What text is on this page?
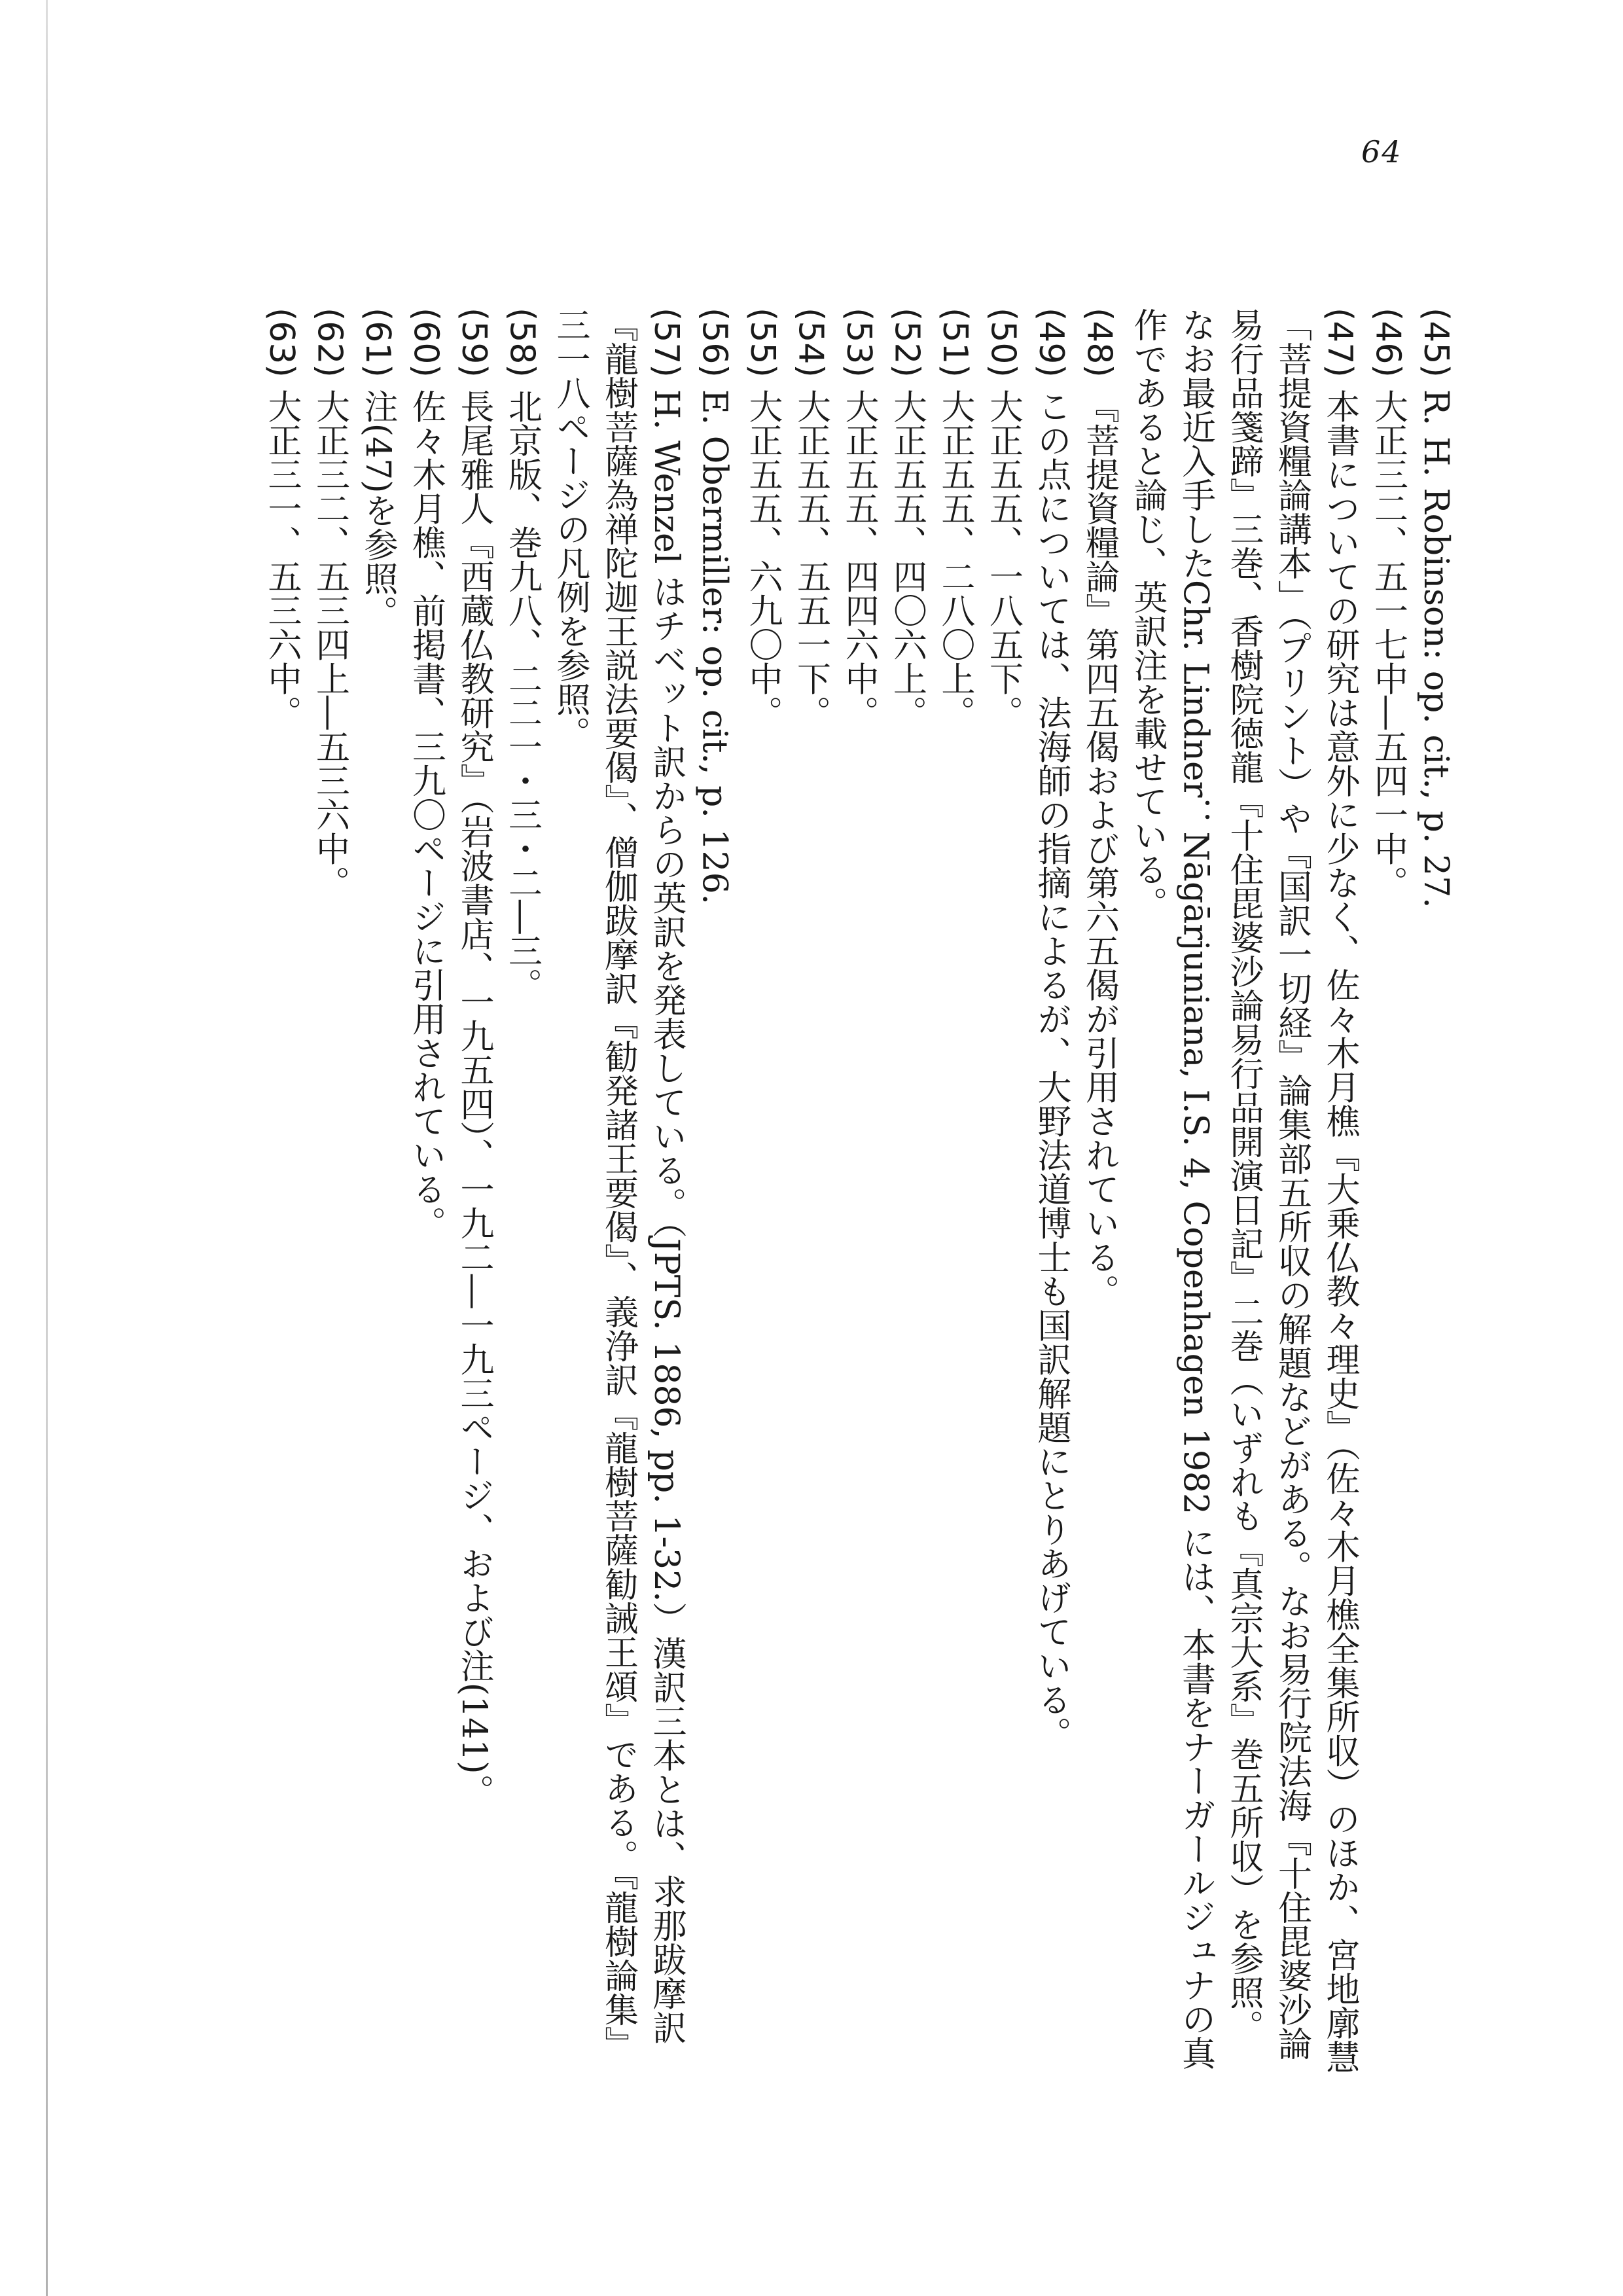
64

(45)R. H. Robinson: op. cit., p. 27.

(46)大正三二、五一七中―五四一中。

(47)本書についての研究は意外に少なく、佐々木月樵『大乗仏教々理史』（佐々木月樵全集所収）のほか、宮地廓慧「菩提資糧論講本」（プリント）や『国訳一切経』論集部五所収の解題などがある。なお易行院法海『十住毘婆沙論易行品箋蹄』三巻、香樹院徳龍『十住毘婆沙論易行品開演日記』二巻（いずれも『真宗大系』巻五所収）を参照。なお最近入手したChr. Lindner：Nāgārjuniana, I.S. 4, Copenhagen 1982 には、本書をナーガールジュナの真作であると論じ、英訳注を載せている。

(48)『菩提資糧論』第四五偈および第六五偈が引用されている。

(49)この点については、法海師の指摘によるが、大野法道博士も国訳解題にとりあげている。

(50)大正五五、一八五下。

(51)大正五五、二八〇上。

(52)大正五五、四〇六上。

(53)大正五五、四四六中。

(54)大正五五、五五一下。

(55)大正五五、六九〇中。

(56)E. Obermiller: op. cit., p. 126.

(57)H. Wenzel はチベット訳からの英訳を発表している。（JPTS. 1886, pp. 1-32.）漢訳三本とは、求那跋摩訳『龍樹菩薩為禅陀迦王説法要偈』、僧伽跋摩訳『勧発諸王要偈』、義浄訳『龍樹菩薩勧誡王頌』である。『龍樹論集』三一八ページの凡例を参照。

(58)北京版、巻九八、二二一・三・二―三。

(59)長尾雅人『西蔵仏教研究』（岩波書店、一九五四）、一九二―一九三ページ、および注(141)。

(60)佐々木月樵、前掲書、三九〇ページに引用されている。

(61)注(47)を参照。

(62)大正三二、五三四上―五三六中。

(63)大正三一、五三六中。
